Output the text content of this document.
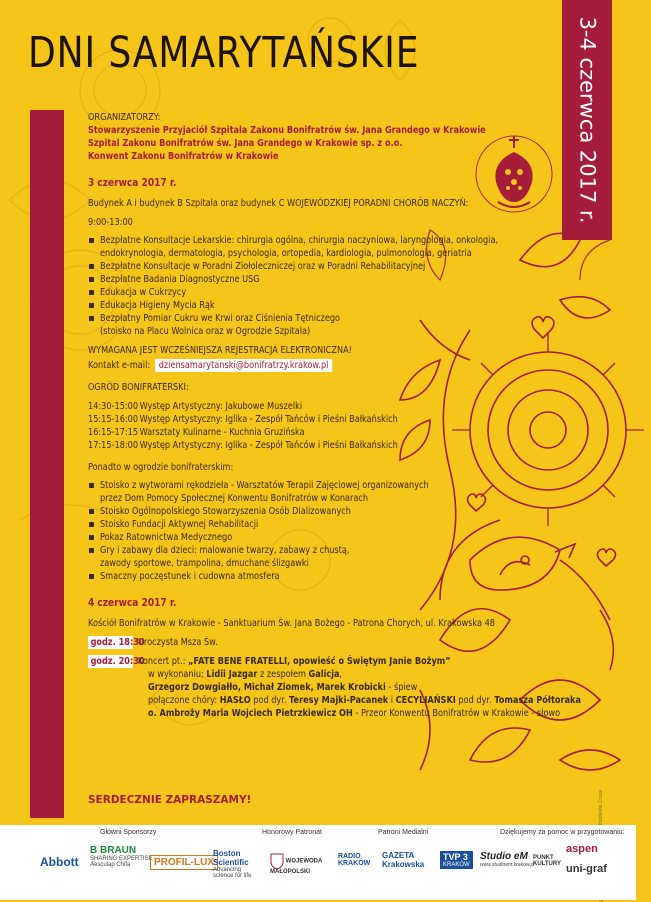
3-4 czerwca 2017 r.
DNI SAMARYTAŃSKIE
ORGANIZATORZY:
Stowarzyszenie Przyjaciół Szpitala Zakonu Bonifratrów św. Jana Grandego w Krakowie
Szpital Zakonu Bonifratrów św. Jana Grandego w Krakowie sp. z o.o.
Konwent Zakonu Bonifratrów w Krakowie
3 czerwca 2017 r.
Budynek A i budynek B Szpitala oraz budynek C WOJEWÓDZKIEJ PORADNI CHORÓB NACZYŃ:
9:00-13:00
Bezpłatne Konsultacje Lekarskie: chirurgia ogólna, chirurgia naczyniowa, laryngologia, onkologia,
endokrynologia, dermatologia, psychologia, ortopedia, kardiologia, pulmonologia, geriatria
Bezpłatne Konsultacje w Poradni Ziołoleczniczej oraz w Poradni Rehabilitacyjnej
Bezpłatne Badania Diagnostyczne USG
Edukacja w Cukrzycy
Edukacja Higieny Mycia Rąk
Bezpłatny Pomiar Cukru we Krwi oraz Ciśnienia Tętniczego
(stoisko na Placu Wolnica oraz w Ogrodzie Szpitala)
WYMAGANA JEST WCZEŚNIEJSZA REJESTRACJA ELEKTRONICZNA!
Kontakt e-mail: dziensamarytanski@bonifratrzy.krakow.pl
OGRÓD BONIFRATERSKI:
14:30-15:00 Występ Artystyczny: Jakubowe Muszelki
15:15-16:00 Występ Artystyczny: Iglika - Zespół Tańców i Pieśni Bałkańskich
16:15-17:15 Warsztaty Kulinarne - Kuchnia Gruzińska
17:15-18:00 Występ Artystyczny: Iglika - Zespół Tańców i Pieśni Bałkańskich
Ponadto w ogrodzie bonifraterskim:
Stoisko z wytworami rękodzieła - Warsztatów Terapii Zajęciowej organizowanych
przez Dom Pomocy Społecznej Konwentu Bonifratrów w Konarach
Stoisko Ogólnopolskiego Stowarzyszenia Osób Dializowanych
Stoisko Fundacji Aktywnej Rehabilitacji
Pokaz Ratownictwa Medycznego
Gry i zabawy dla dzieci: malowanie twarzy, zabawy z chustą,
zawody sportowe, trampolina, dmuchane ślizgawki
Smaczny poczęstunek i cudowna atmosfera
4 czerwca 2017 r.
Kościół Bonifratrów w Krakowie - Sanktuarium Św. Jana Bożego - Patrona Chorych, ul. Krakowska 48
godz. 18:30  Uroczysta Msza Św.
godz. 20:30  Koncert pt.: „FATE BENE FRATELLI, opowieść o Świętym Janie Bożym”
w wykonaniu: Lidii Jazgar z zespołem Galicja,
Grzegorz Dowgiałło, Michał Ziomek, Marek Krobicki - śpiew
połączone chóry: HASŁO pod dyr. Teresy Majki-Pacanek i CECYLIAŃSKI pod dyr. Tomasza Półtoraka
o. Ambroży Maria Wojciech Pietrzkiewicz OH - Przeor Konwentu Bonifratrów w Krakowie - słowo
SERDECZNIE ZAPRASZAMY!
Główni Sponsorzy	Honorowy Patronat	Patroni Medialni	Dziękujemy za pomoc w przygotowaniu:
Abbott
B BRAUN
SHARING EXPERTISE
Aesculap Chifa	PROFIL-LUX
Boston Scientific
Advancing science for life
WOJEWODA MAŁOPOLSKI
RADIO KRAKÓW
GAZETA Krakowska
TVP 3
KRAKÓW
Studio eM
www.studioem.krakow.pl
PUNKT KULTURY
aspen
uni-graf
